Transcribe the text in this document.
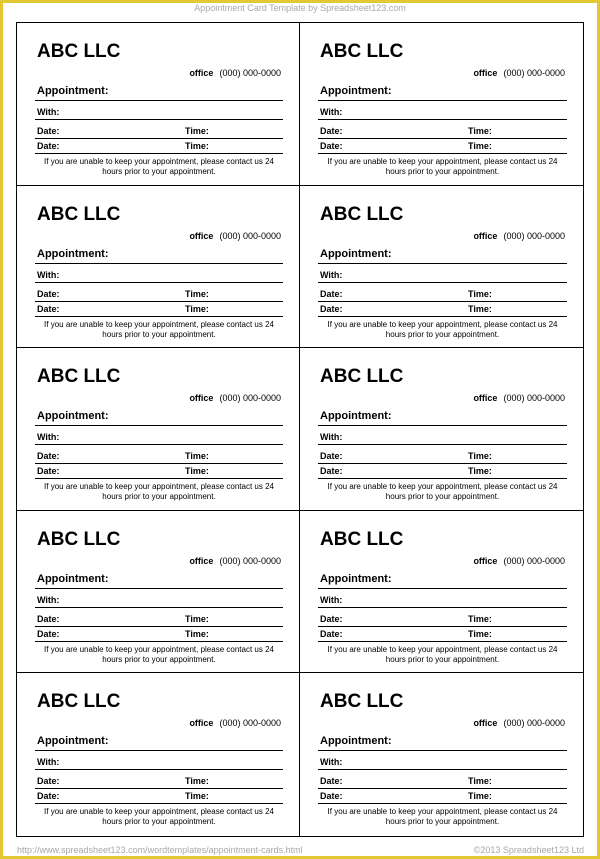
Appointment Card Template by Spreadsheet123.com
ABC LLC
office (000) 000-0000
Appointment:
With:
Date:	Time:
Date:	Time:
If you are unable to keep your appointment, please contact us 24 hours prior to your appointment.
ABC LLC
office (000) 000-0000
Appointment:
With:
Date:	Time:
Date:	Time:
If you are unable to keep your appointment, please contact us 24 hours prior to your appointment.
ABC LLC
office (000) 000-0000
Appointment:
With:
Date:	Time:
Date:	Time:
If you are unable to keep your appointment, please contact us 24 hours prior to your appointment.
ABC LLC
office (000) 000-0000
Appointment:
With:
Date:	Time:
Date:	Time:
If you are unable to keep your appointment, please contact us 24 hours prior to your appointment.
ABC LLC
office (000) 000-0000
Appointment:
With:
Date:	Time:
Date:	Time:
If you are unable to keep your appointment, please contact us 24 hours prior to your appointment.
ABC LLC
office (000) 000-0000
Appointment:
With:
Date:	Time:
Date:	Time:
If you are unable to keep your appointment, please contact us 24 hours prior to your appointment.
ABC LLC
office (000) 000-0000
Appointment:
With:
Date:	Time:
Date:	Time:
If you are unable to keep your appointment, please contact us 24 hours prior to your appointment.
ABC LLC
office (000) 000-0000
Appointment:
With:
Date:	Time:
Date:	Time:
If you are unable to keep your appointment, please contact us 24 hours prior to your appointment.
ABC LLC
office (000) 000-0000
Appointment:
With:
Date:	Time:
Date:	Time:
If you are unable to keep your appointment, please contact us 24 hours prior to your appointment.
ABC LLC
office (000) 000-0000
Appointment:
With:
Date:	Time:
Date:	Time:
If you are unable to keep your appointment, please contact us 24 hours prior to your appointment.
http://www.spreadsheet123.com/wordtemplates/appointment-cards.html	©2013 Spreadsheet123 Ltd
